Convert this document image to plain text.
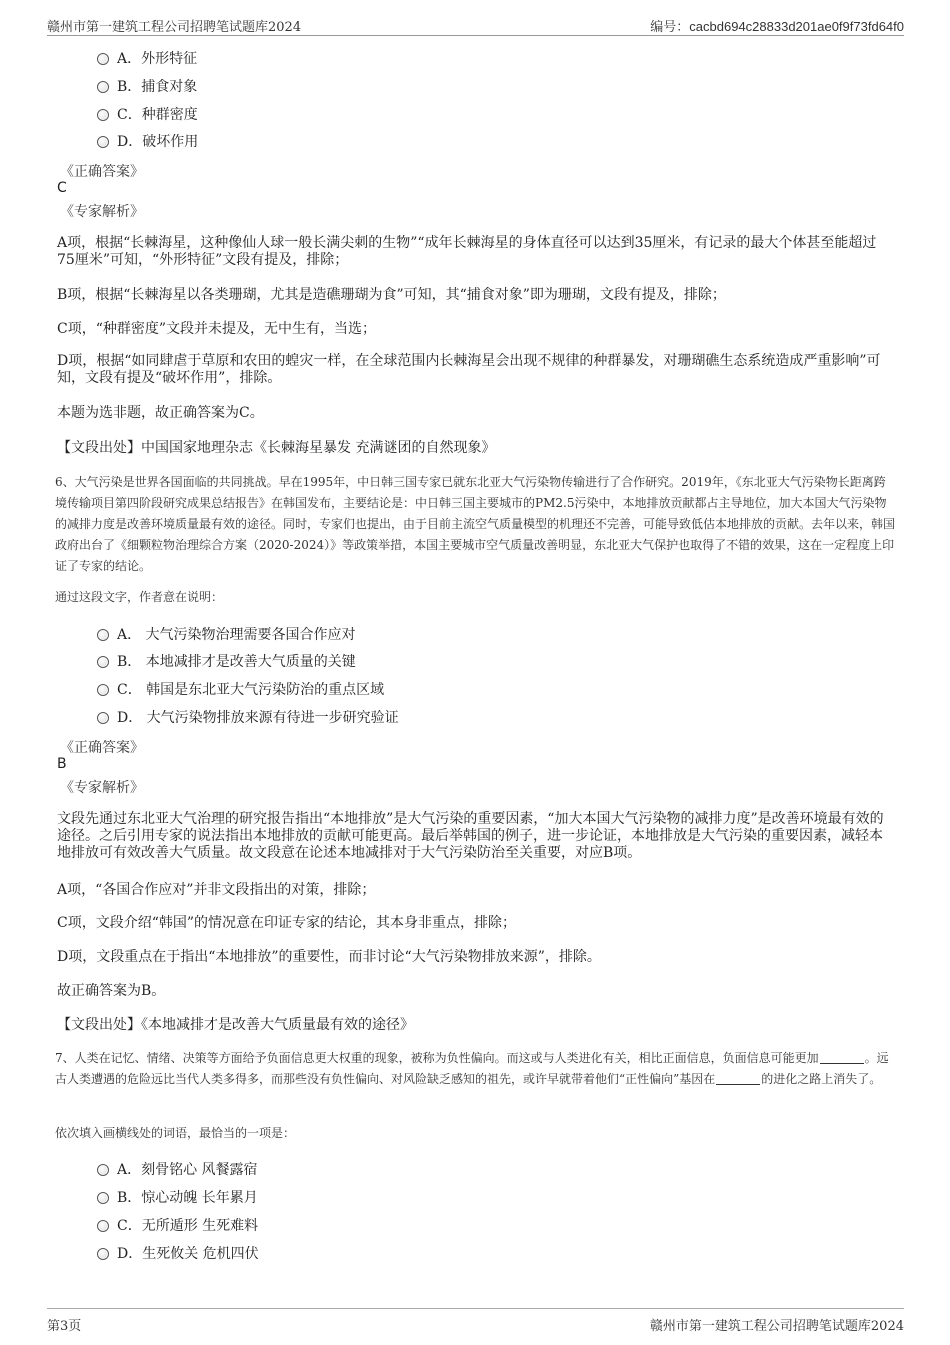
赣州市第一建筑工程公司招聘笔试题库2024	编号：cacbd694c28833d201ae0f9f73fd64f0
A．外形特征
B．捕食对象
C．种群密度
D．破坏作用
《正确答案》
C
《专家解析》
A项，根据“长棘海星，这种像仙人球一般长满尖刺的生物”“成年长棘海星的身体直径可以达到35厘米，有记录的最大个体甚至能超过75厘米”可知，“外形特征”文段有提及，排除；
B项，根据“长棘海星以各类珊瑚，尤其是造礁珊瑚为食”可知，其“捕食对象”即为珊瑚，文段有提及，排除；
C项，“种群密度”文段并未提及，无中生有，当选；
D项，根据“如同肆虐于草原和农田的蝗灾一样，在全球范围内长棘海星会出现不规律的种群暴发，对珊瑚礁生态系统造成严重影响”可知，文段有提及“破坏作用”，排除。
本题为选非题，故正确答案为C。
【文段出处】中国国家地理杂志《长棘海星暴发 充满谜团的自然现象》
6、大气污染是世界各国面临的共同挑战。早在1995年，中日韩三国专家已就东北亚大气污染物传输进行了合作研究。2019年，《东北亚大气污染物长距离跨境传输项目第四阶段研究成果总结报告》在韩国发布，主要结论是：中日韩三国主要城市的PM2.5污染中，本地排放贡献都占主导地位，加大本国大气污染物的减排力度是改善环境质量最有效的途径。同时，专家们也提出，由于目前主流空气质量模型的机理还不完善，可能导致低估本地排放的贡献。去年以来，韩国政府出台了《细颗粒物治理综合方案（2020-2024）》等政策举措，本国主要城市空气质量改善明显，东北亚大气保护也取得了不错的效果，这在一定程度上印证了专家的结论。
通过这段文字，作者意在说明：
A． 大气污染物治理需要各国合作应对
B． 本地减排才是改善大气质量的关键
C． 韩国是东北亚大气污染防治的重点区域
D． 大气污染物排放来源有待进一步研究验证
《正确答案》
B
《专家解析》
文段先通过东北亚大气治理的研究报告指出“本地排放”是大气污染的重要因素，“加大本国大气污染物的减排力度”是改善环境最有效的途径。之后引用专家的说法指出本地排放的贡献可能更高。最后举韩国的例子，进一步论证，本地排放是大气污染的重要因素，减轻本地排放可有效改善大气质量。故文段意在论述本地减排对于大气污染防治至关重要，对应B项。
A项，“各国合作应对”并非文段指出的对策，排除；
C项，文段介绍“韩国”的情况意在印证专家的结论，其本身非重点，排除；
D项，文段重点在于指出“本地排放”的重要性，而非讨论“大气污染物排放来源”，排除。
故正确答案为B。
【文段出处】《本地减排才是改善大气质量最有效的途径》
7、人类在记忆、情绪、决策等方面给予负面信息更大权重的现象，被称为负性偏向。而这或与人类进化有关，相比正面信息，负面信息可能更加	。远古人类遭遇的危险远比当代人类多得多，而那些没有负性偏向、对风险缺乏感知的祖先，或许早就带着他们“正性偏向”基因在	的进化之路上消失了。
依次填入画横线处的词语，最恰当的一项是：
A．刻骨铭心 风餐露宿
B．惊心动魄 长年累月
C．无所遁形 生死难料
D．生死攸关 危机四伏
第3页	赣州市第一建筑工程公司招聘笔试题库2024
